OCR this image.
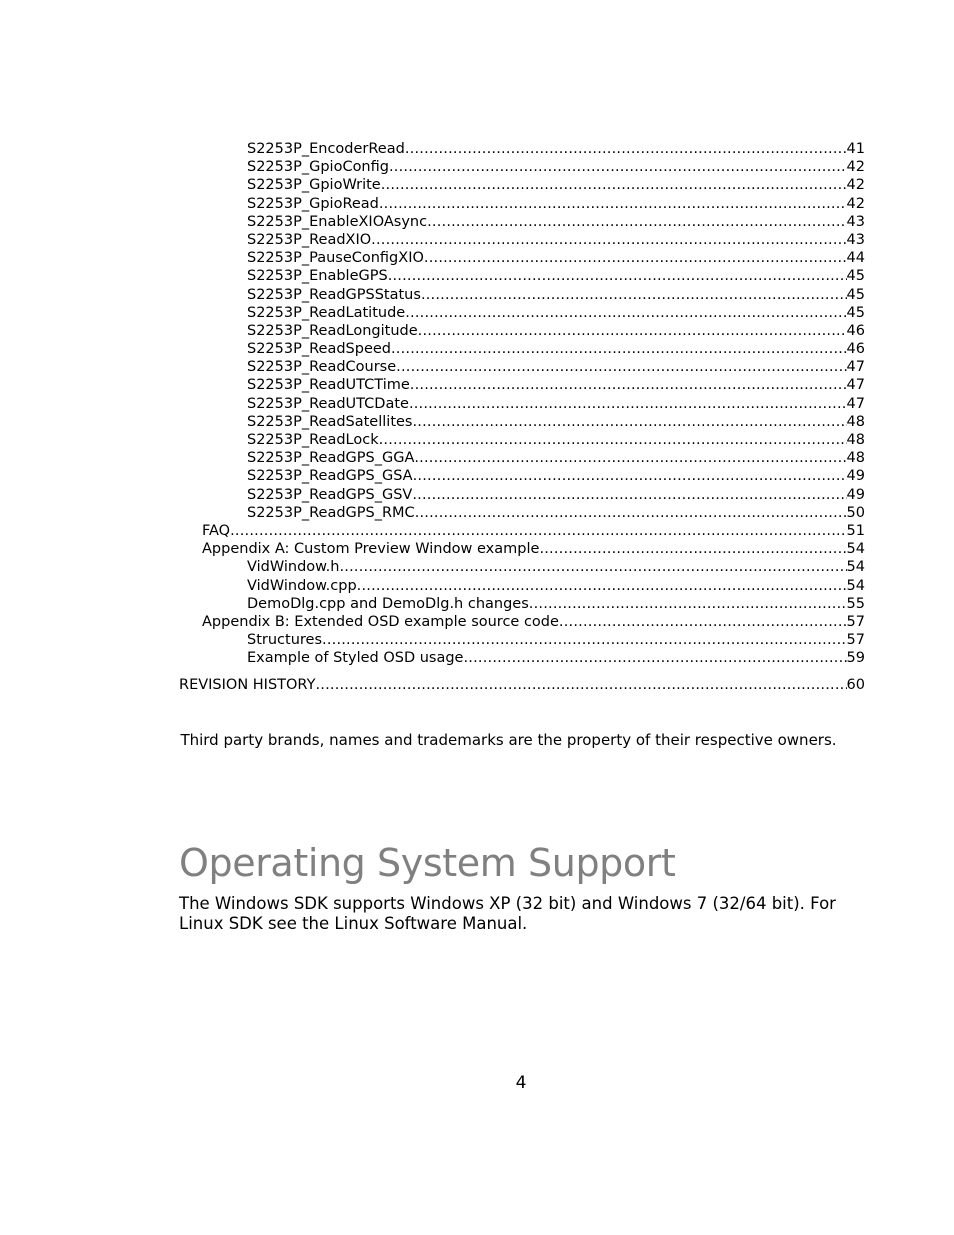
S2253P_EncoderRead .....	41
S2253P_GpioConfig .....	42
S2253P_GpioWrite .....	42
S2253P_GpioRead .....	42
S2253P_EnableXIOAsync .....	43
S2253P_ReadXIO .....	43
S2253P_PauseConfigXIO .....	44
S2253P_EnableGPS .....	45
S2253P_ReadGPSStatus .....	45
S2253P_ReadLatitude .....	45
S2253P_ReadLongitude .....	46
S2253P_ReadSpeed .....	46
S2253P_ReadCourse .....	47
S2253P_ReadUTCTime .....	47
S2253P_ReadUTCDate .....	47
S2253P_ReadSatellites .....	48
S2253P_ReadLock .....	48
S2253P_ReadGPS_GGA .....	48
S2253P_ReadGPS_GSA .....	49
S2253P_ReadGPS_GSV .....	49
S2253P_ReadGPS_RMC .....	50
FAQ .....	51
Appendix A: Custom Preview Window example .....	54
VidWindow.h .....	54
VidWindow.cpp .....	54
DemoDlg.cpp and DemoDlg.h changes .....	55
Appendix B: Extended OSD example source code .....	57
Structures .....	57
Example of Styled OSD usage .....	59
REVISION HISTORY .....	60
Third party brands, names and trademarks are the property of their respective owners.
Operating System Support

The Windows SDK supports Windows XP (32 bit) and Windows 7 (32/64 bit). For Linux SDK see the Linux Software Manual.

4
